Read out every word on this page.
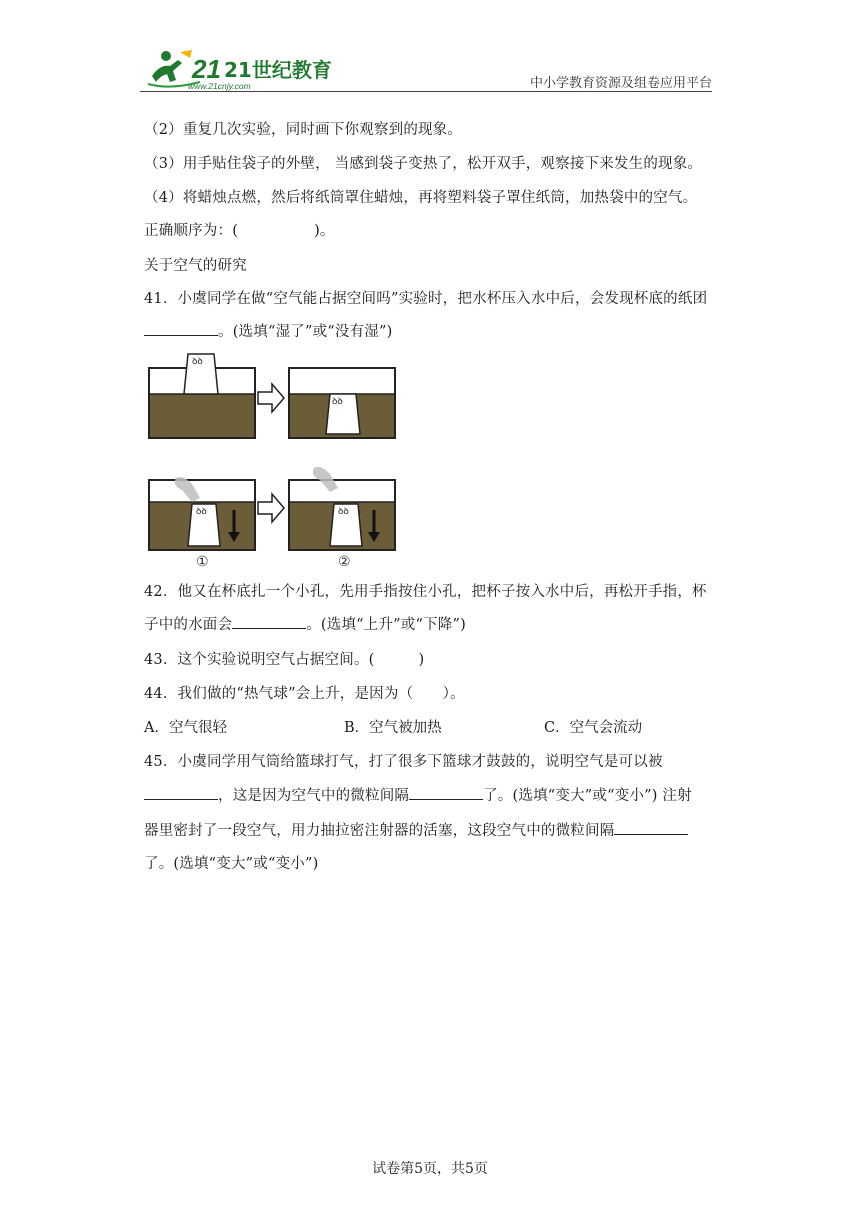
21 21世纪教育
www.21cnjy.com	中小学教育资源及组卷应用平台
（2）重复几次实验，同时画下你观察到的现象。
（3）用手贴住袋子的外壁， 当感到袋子变热了，松开双手，观察接下来发生的现象。
（4）将蜡烛点燃，然后将纸筒罩住蜡烛，再将塑料袋子罩住纸筒，加热袋中的空气。
正确顺序为：(	)。
关于空气的研究
41．小虞同学在做“空气能占据空间吗”实验时，把水杯压入水中后，会发现杯底的纸团
。(选填“湿了”或“没有湿”)
ꝺꝺ
ꝺꝺ
ꝺꝺ	ꝺꝺ
①	②
42．他又在杯底扎一个小孔，先用手指按住小孔，把杯子按入水中后，再松开手指，杯
子中的水面会	。(选填“上升”或“下降”)
43．这个实验说明空气占据空间。(	)
44．我们做的“热气球”会上升，是因为（　　）。
A．空气很轻	B．空气被加热	C．空气会流动
45．小虞同学用气筒给篮球打气，打了很多下篮球才鼓鼓的，说明空气是可以被
，这是因为空气中的微粒间隔	了。(选填“变大”或“变小”) 注射
器里密封了一段空气，用力抽拉密注射器的活塞，这段空气中的微粒间隔
了。(选填“变大”或“变小”)
试卷第5页，共5页
